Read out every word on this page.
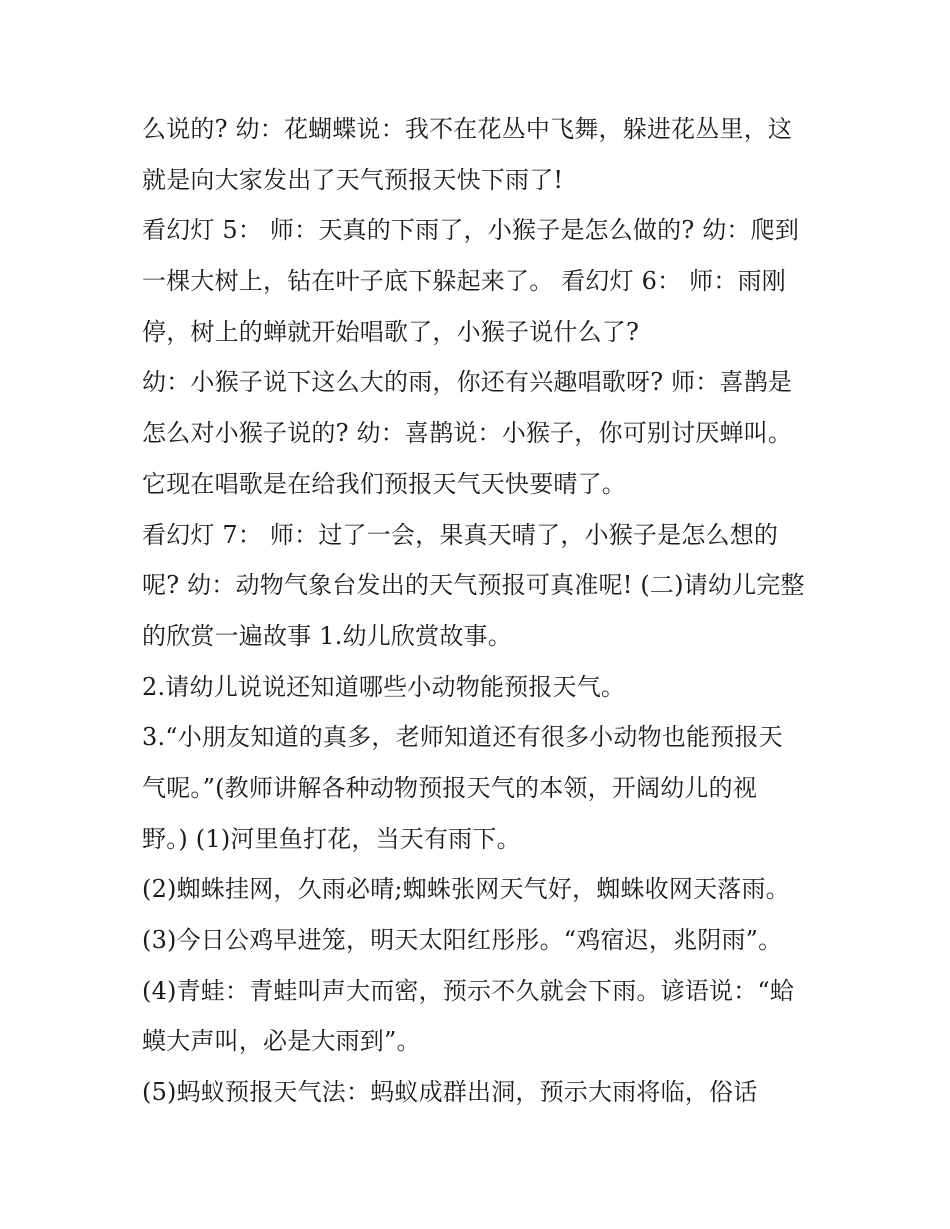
么说的? 幼：花蝴蝶说：我不在花丛中飞舞，躲进花丛里，这
就是向大家发出了天气预报天快下雨了!
看幻灯 5： 师：天真的下雨了，小猴子是怎么做的? 幼：爬到
一棵大树上，钻在叶子底下躲起来了。 看幻灯 6： 师：雨刚
停，树上的蝉就开始唱歌了，小猴子说什么了?
幼：小猴子说下这么大的雨，你还有兴趣唱歌呀? 师：喜鹊是
怎么对小猴子说的? 幼：喜鹊说：小猴子，你可别讨厌蝉叫。
它现在唱歌是在给我们预报天气天快要晴了。
看幻灯 7： 师：过了一会，果真天晴了，小猴子是怎么想的
呢? 幼：动物气象台发出的天气预报可真准呢! (二)请幼儿完整
的欣赏一遍故事 1.幼儿欣赏故事。
2.请幼儿说说还知道哪些小动物能预报天气。
3.“小朋友知道的真多，老师知道还有很多小动物也能预报天
气呢。”(教师讲解各种动物预报天气的本领，开阔幼儿的视
野。) (1)河里鱼打花，当天有雨下。
(2)蜘蛛挂网，久雨必晴;蜘蛛张网天气好，蜘蛛收网天落雨。
(3)今日公鸡早进笼，明天太阳红彤彤。“鸡宿迟，兆阴雨”。
(4)青蛙：青蛙叫声大而密，预示不久就会下雨。谚语说：“蛤
蟆大声叫，必是大雨到”。
(5)蚂蚁预报天气法：蚂蚁成群出洞，预示大雨将临，俗话
